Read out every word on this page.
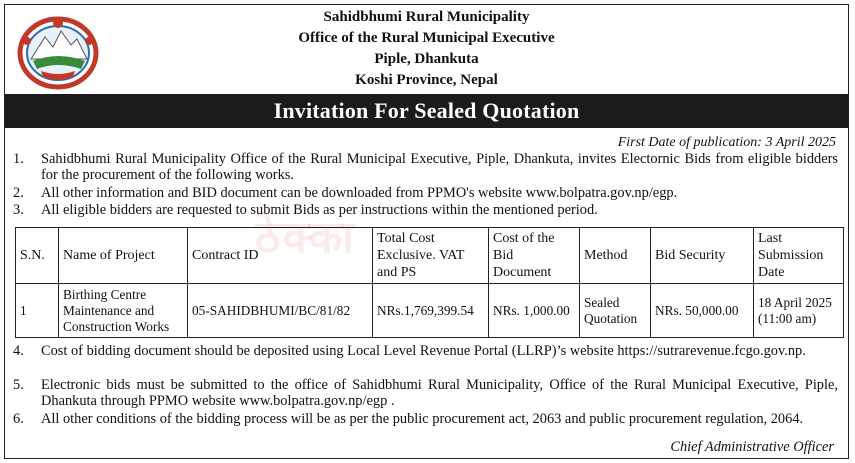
Sahidbhumi Rural Municipality
Office of the Rural Municipal Executive
Piple, Dhankuta
Koshi Province, Nepal
Invitation For Sealed Quotation
First Date of publication: 3 April 2025
ठेक्का
1. Sahidbhumi Rural Municipality Office of the Rural Municipal Executive, Piple, Dhankuta, invites Electornic Bids from eligible bidders for the procurement of the following works.
2. All other information and BID document can be downloaded from PPMO's website www.bolpatra.gov.np/egp.
3. All eligible bidders are requested to submit Bids as per instructions within the mentioned period.
S.N.	Name of Project	Contract ID	Total Cost Exclusive. VAT and PS	Cost of the Bid Document	Method	Bid Security	Last Submission Date
1	Birthing Centre Maintenance and Construction Works	05-SAHIDBHUMI/BC/81/82	NRs.1,769,399.54	NRs. 1,000.00	Sealed Quotation	NRs. 50,000.00	18 April 2025 (11:00 am)
4. Cost of bidding document should be deposited using Local Level Revenue Portal (LLRP)’s website https://sutrarevenue.fcgo.gov.np.
5. Electronic bids must be submitted to the office of Sahidbhumi Rural Municipality, Office of the Rural Municipal Executive, Piple, Dhankuta through PPMO website www.bolpatra.gov.np/egp .
6. All other conditions of the bidding process will be as per the public procurement act, 2063 and public procurement regulation, 2064.
Chief Administrative Officer
